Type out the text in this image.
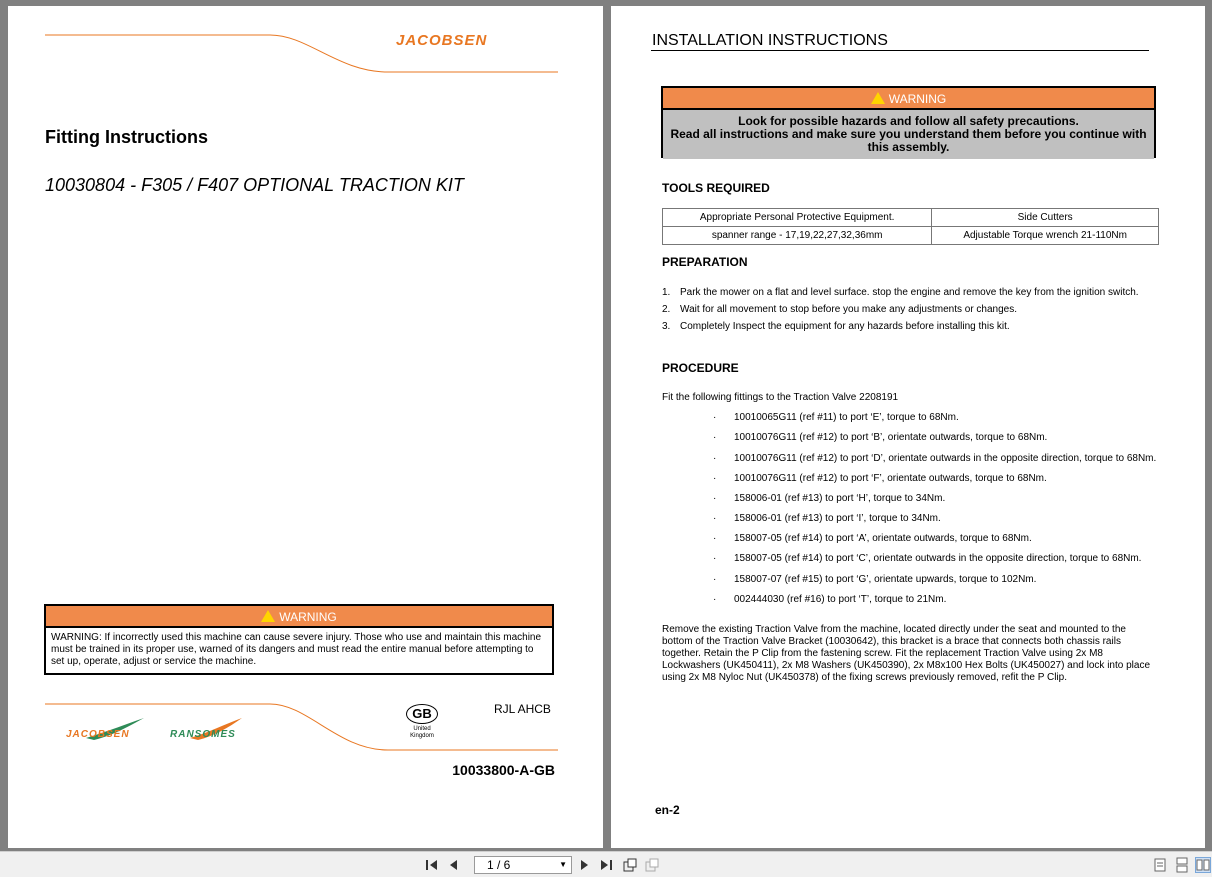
JACOBSEN
Fitting Instructions
10030804 - F305 / F407 OPTIONAL TRACTION KIT
WARNING
WARNING: If incorrectly used this machine can cause severe injury. Those who use and maintain this machine must be trained in its proper use, warned of its dangers and must read the entire manual before attempting to set up, operate, adjust or service the machine.
JACOBSEN	RANSOMES
GB
United Kingdom
RJL AHCB
10033800-A-GB
INSTALLATION INSTRUCTIONS
WARNING
Look for possible hazards and follow all safety precautions.
Read all instructions and make sure you understand them before you continue with this assembly.
TOOLS REQUIRED
Appropriate Personal Protective Equipment.	Side Cutters
spanner range - 17,19,22,27,32,36mm	Adjustable Torque wrench 21-110Nm
PREPARATION
1. Park the mower on a flat and level surface. stop the engine and remove the key from the ignition switch.
2. Wait for all movement to stop before you make any adjustments or changes.
3. Completely Inspect the equipment for any hazards before installing this kit.
PROCEDURE
Fit the following fittings to the Traction Valve 2208191
· 10010065G11 (ref #11) to port ‘E’, torque to 68Nm.
· 10010076G11 (ref #12) to port ‘B’, orientate outwards, torque to 68Nm.
· 10010076G11 (ref #12) to port ‘D’, orientate outwards in the opposite direction, torque to 68Nm.
· 10010076G11 (ref #12) to port ‘F’, orientate outwards, torque to 68Nm.
· 158006-01 (ref #13) to port ‘H’, torque to 34Nm.
· 158006-01 (ref #13) to port ‘I’, torque to 34Nm.
· 158007-05 (ref #14) to port ‘A’, orientate outwards, torque to 68Nm.
· 158007-05 (ref #14) to port ‘C’, orientate outwards in the opposite direction, torque to 68Nm.
· 158007-07 (ref #15) to port ‘G’, orientate upwards, torque to 102Nm.
· 002444030 (ref #16) to port ‘T’, torque to 21Nm.
Remove the existing Traction Valve from the machine, located directly under the seat and mounted to the bottom of the Traction Valve Bracket (10030642), this bracket is a brace that connects both chassis rails together. Retain the P Clip from the fastening screw. Fit the replacement Traction Valve using 2x M8 Lockwashers (UK450411), 2x M8 Washers (UK450390), 2x M8x100 Hex Bolts (UK450027) and lock into place using 2x M8 Nyloc Nut (UK450378) of the fixing screws previously removed, refit the P Clip.
en-2
1 / 6	▼
